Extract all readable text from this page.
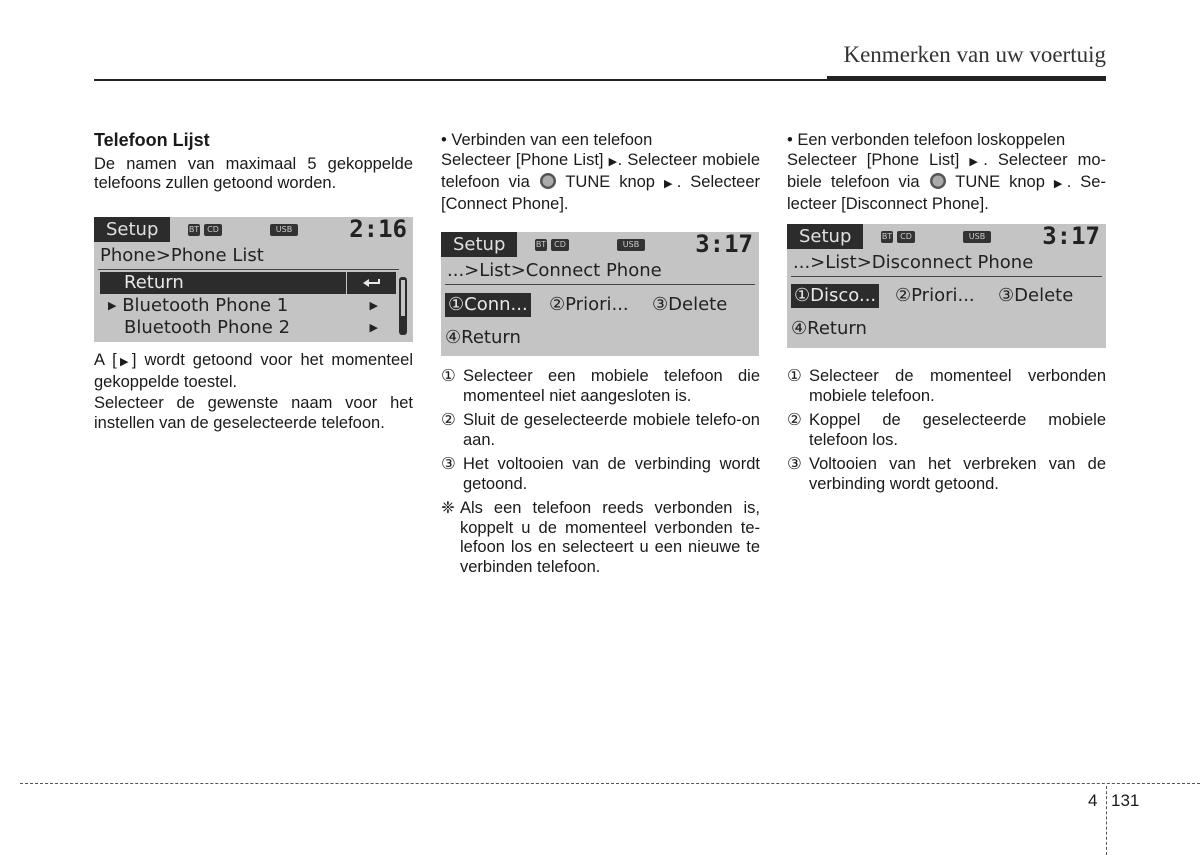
Kenmerken van uw voertuig

Telefoon Lijst

De namen van maximaal 5 gekoppelde telefoons zullen getoond worden.

Setup	BT CD	USB 2:16
Phone>Phone List
Return
▶ Bluetooth Phone 1	▶
Bluetooth Phone 2	▶

A [▶] wordt getoond voor het momenteel gekoppelde toestel.

Selecteer de gewenste naam voor het instellen van de geselecteerde telefoon.

• Verbinden van een telefoon

Selecteer [Phone List] ▶. Selecteer mobiele telefoon via  TUNE knop ▶. Selecteer [Connect Phone].

Setup	BT CD	USB 3:17
...>List>Connect Phone
①Conn... ②Priori... ③Delete
④Return
① Selecteer een mobiele telefoon die momenteel niet aangesloten is.
② Sluit de geselecteerde mobiele telefo-on aan.
③ Het voltooien van de verbinding wordt getoond.
❈ Als een telefoon reeds verbonden is, koppelt u de momenteel verbonden te-lefoon los en selecteert u een nieuwe te verbinden telefoon.

• Een verbonden telefoon loskoppelen

Selecteer [Phone List] ▶. Selecteer mo-biele telefoon via  TUNE knop ▶. Se-lecteer [Disconnect Phone].

Setup	BT CD	USB 3:17
...>List>Disconnect Phone
①Disco... ②Priori... ③Delete
④Return
① Selecteer de momenteel verbonden mobiele telefoon.
② Koppel de geselecteerde mobiele telefoon los.
③ Voltooien van het verbreken van de verbinding wordt getoond.
4 131
